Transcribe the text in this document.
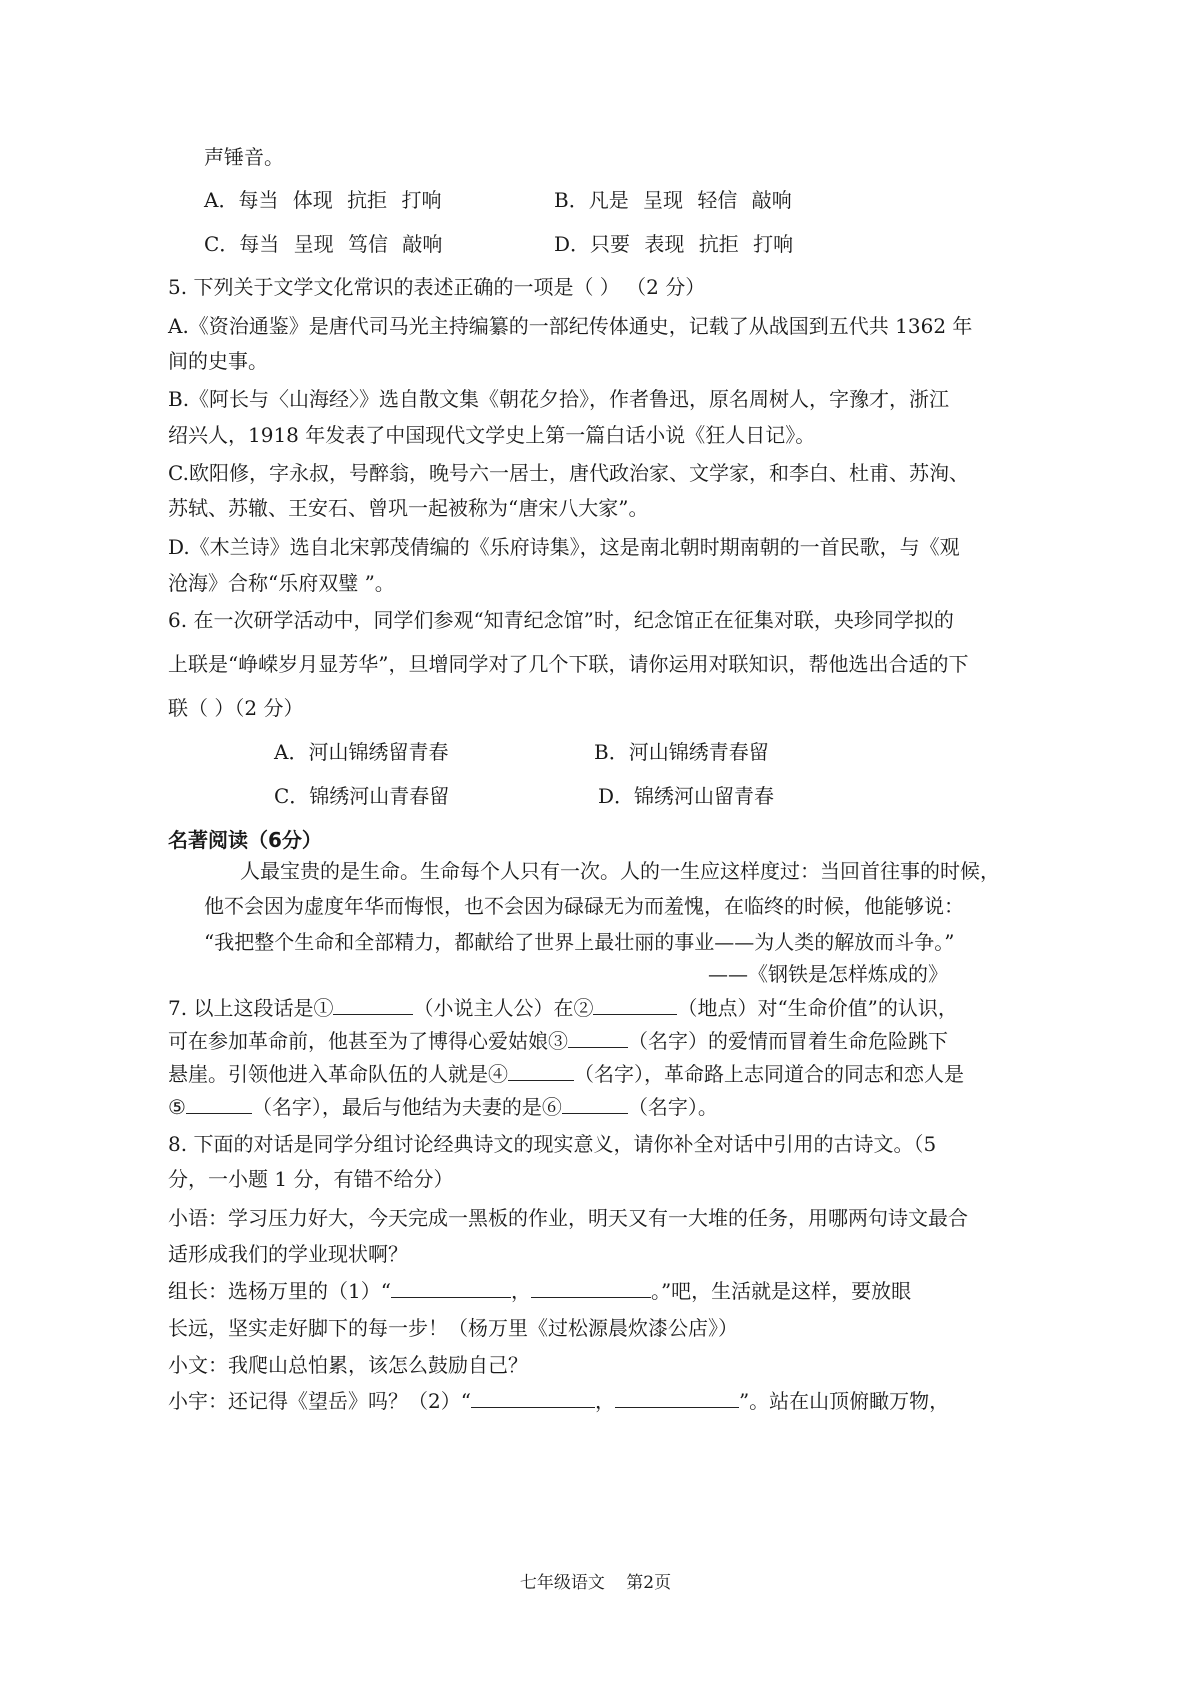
声锤音。
A．每当 体现 抗拒 打响	B．凡是 呈现 轻信 敲响
C．每当 呈现 笃信 敲响	D．只要 表现 抗拒 打响
5. 下列关于文学文化常识的表述正确的一项是（ ） （2 分）
A.《资治通鉴》是唐代司马光主持编纂的一部纪传体通史，记载了从战国到五代共 1362 年
间的史事。
B.《阿长与〈山海经〉》选自散文集《朝花夕拾》，作者鲁迅，原名周树人，字豫才，浙江
绍兴人，1918 年发表了中国现代文学史上第一篇白话小说《狂人日记》。
C.欧阳修，字永叔，号醉翁，晚号六一居士，唐代政治家、文学家，和李白、杜甫、苏洵、
苏轼、苏辙、王安石、曾巩一起被称为“唐宋八大家”。
D.《木兰诗》选自北宋郭茂倩编的《乐府诗集》，这是南北朝时期南朝的一首民歌，与《观
沧海》合称“乐府双璧 ”。
6. 在一次研学活动中，同学们参观“知青纪念馆”时，纪念馆正在征集对联，央珍同学拟的
上联是“峥嵘岁月显芳华”，旦增同学对了几个下联，请你运用对联知识，帮他选出合适的下
联（ ）（2 分）
A．河山锦绣留青春	B．河山锦绣青春留
C．锦绣河山青春留	D．锦绣河山留青春
名著阅读（6分）
人最宝贵的是生命。生命每个人只有一次。人的一生应这样度过：当回首往事的时候，
他不会因为虚度年华而悔恨，也不会因为碌碌无为而羞愧，在临终的时候，他能够说：
“我把整个生命和全部精力，都献给了世界上最壮丽的事业——为人类的解放而斗争。”
——《钢铁是怎样炼成的》
7. 以上这段话是①	（小说主人公）在②	（地点）对“生命价值”的认识，
可在参加革命前，他甚至为了博得心爱姑娘③	（名字）的爱情而冒着生命危险跳下
悬崖。引领他进入革命队伍的人就是④	（名字），革命路上志同道合的同志和恋人是
⑤	（名字），最后与他结为夫妻的是⑥	（名字）。
8. 下面的对话是同学分组讨论经典诗文的现实意义，请你补全对话中引用的古诗文。（5
分，一小题 1 分，有错不给分）
小语：学习压力好大，今天完成一黑板的作业，明天又有一大堆的任务，用哪两句诗文最合
适形成我们的学业现状啊？
组长：选杨万里的（1）“	，	。”吧，生活就是这样，要放眼
长远，坚实走好脚下的每一步！（杨万里《过松源晨炊漆公店》）
小文：我爬山总怕累，该怎么鼓励自己？
小宇：还记得《望岳》吗？（2）“	，	”。站在山顶俯瞰万物，
七年级语文 第2页
